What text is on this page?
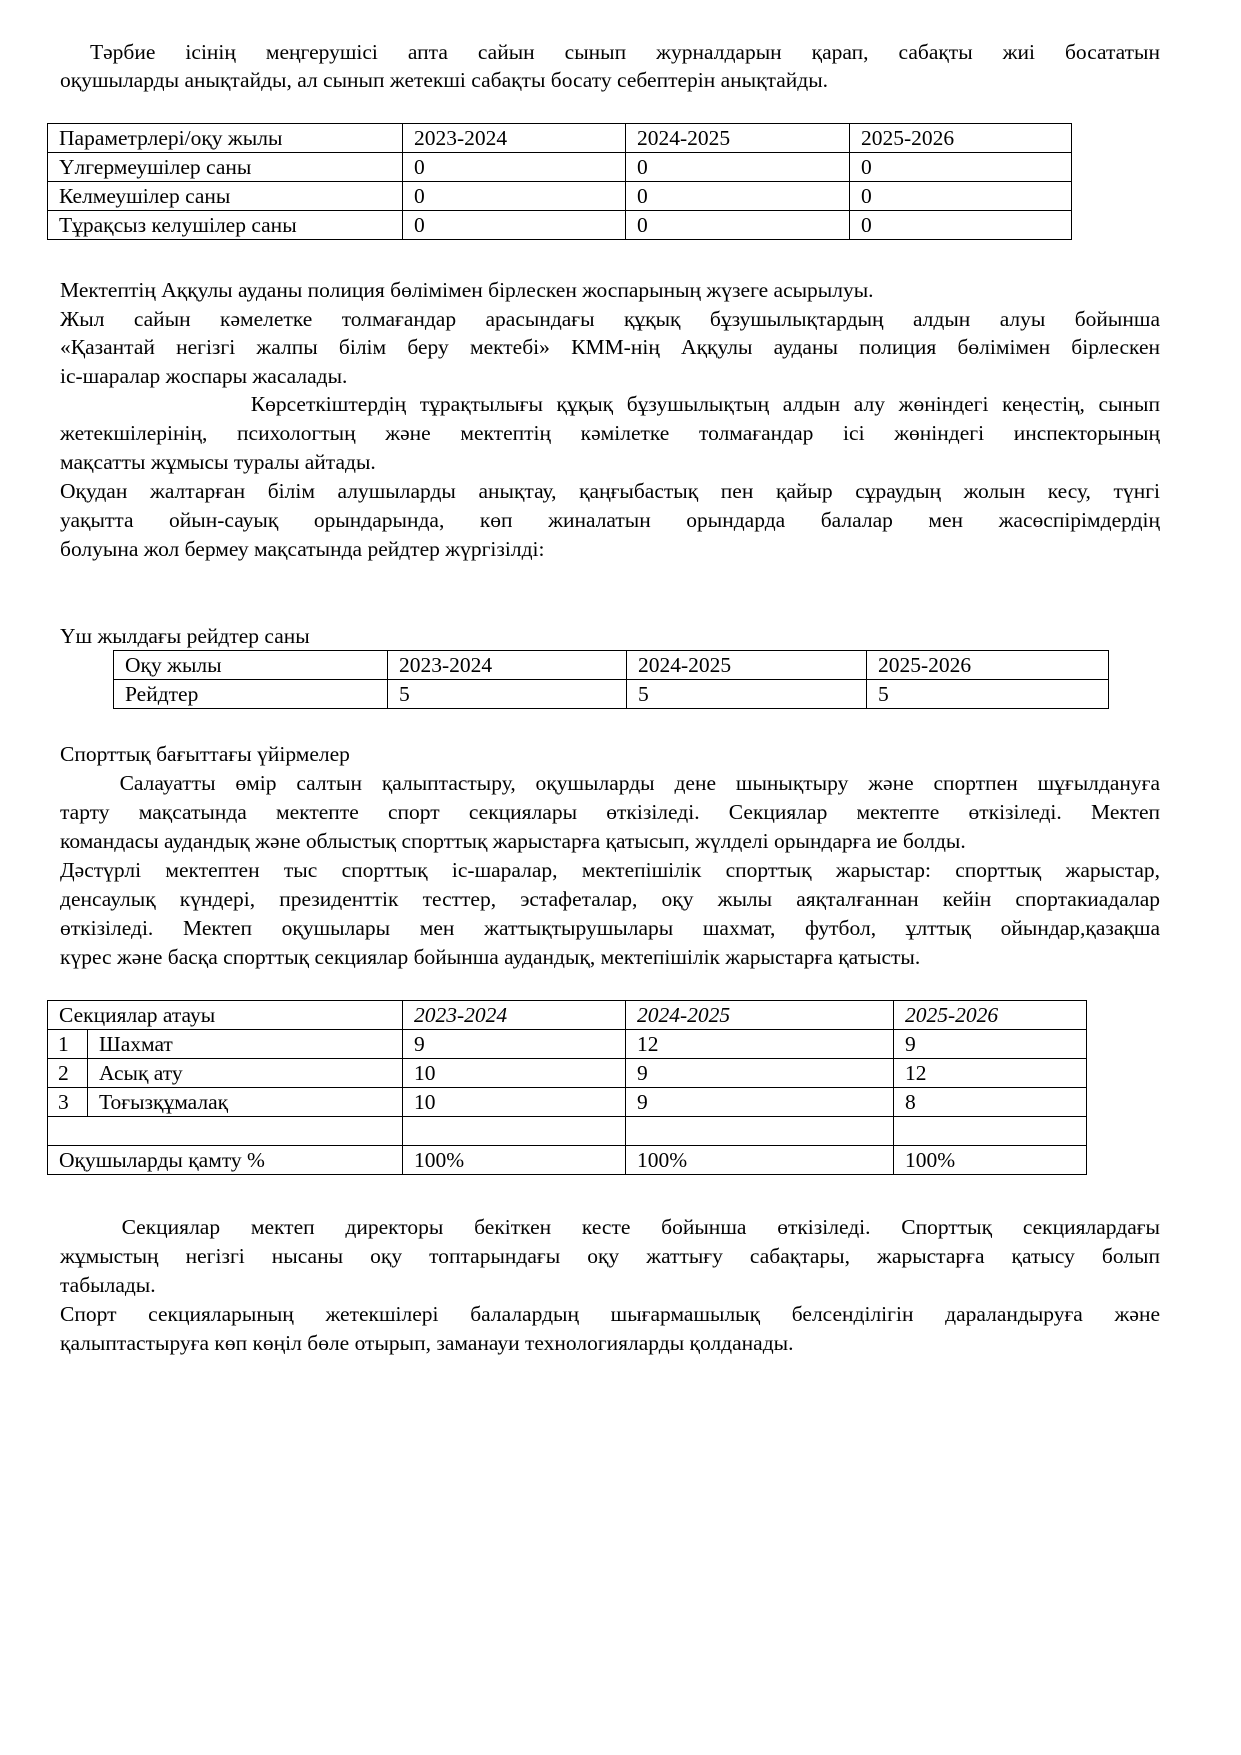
Тәрбие ісінің меңгерушісі апта сайын сынып журналдарын қарап, сабақты жиі босататын

оқушыларды анықтайды, ал сынып жетекші сабақты босату себептерін анықтайды.

Параметрлері/оқу жылы	2023-2024	2024-2025	2025-2026
Үлгермеушілер саны	0	0	0
Келмеушілер саны	0	0	0
Тұрақсыз келушілер саны	0	0	0

Мектептің Аққулы ауданы полиция бөлімімен бірлескен жоспарының жүзеге асырылуы.

Жыл сайын кәмелетке толмағандар арасындағы құқық бұзушылықтардың алдын алуы бойынша

«Қазантай негізгі жалпы білім беру мектебі» КММ-нің Аққулы ауданы полиция бөлімімен бірлескен

іс-шаралар жоспары жасалады.

Көрсеткіштердің тұрақтылығы құқық бұзушылықтың алдын алу жөніндегі кеңестің, сынып

жетекшілерінің, психологтың және мектептің кәмілетке толмағандар ісі жөніндегі инспекторының

мақсатты жұмысы туралы айтады.

Оқудан жалтарған білім алушыларды анықтау, қаңғыбастық пен қайыр сұраудың жолын кесу, түнгі

уақытта ойын-сауық орындарында, көп жиналатын орындарда балалар мен жасөспірімдердің

болуына жол бермеу мақсатында рейдтер жүргізілді:

Үш жылдағы рейдтер саны

Оқу жылы	2023-2024	2024-2025	2025-2026
Рейдтер	5	5	5

Спорттық бағыттағы үйірмелер

Салауатты өмір салтын қалыптастыру, оқушыларды дене шынықтыру және спортпен шұғылдануға

тарту мақсатында мектепте спорт секциялары өткізіледі. Секциялар мектепте өткізіледі. Мектеп

командасы аудандық және облыстық спорттық жарыстарға қатысып, жүлделі орындарға ие болды.

Дәстүрлі мектептен тыс спорттық іс-шаралар, мектепішілік спорттық жарыстар: спорттық жарыстар,

денсаулық күндері, президенттік тесттер, эстафеталар, оқу жылы аяқталғаннан кейін спортакиадалар

өткізіледі. Мектеп оқушылары мен жаттықтырушылары шахмат, футбол, ұлттық ойындар,қазақша

күрес және басқа спорттық секциялар бойынша аудандық, мектепішілік жарыстарға қатысты.

Секциялар атауы		2023-2024	2024-2025	2025-2026
1	Шахмат	9	12	9
2	Асық ату	10	9	12
3	Тоғызқұмалақ	10	9	8

Оқушыларды қамту %		100%	100%	100%

Секциялар мектеп директоры бекіткен кесте бойынша өткізіледі. Спорттық секциялардағы

жұмыстың негізгі нысаны оқу топтарындағы оқу жаттығу сабақтары, жарыстарға қатысу болып

табылады.

Спорт секцияларының жетекшілері балалардың шығармашылық белсенділігін дараландыруға және

қалыптастыруға көп көңіл бөле отырып, заманауи технологияларды қолданады.
